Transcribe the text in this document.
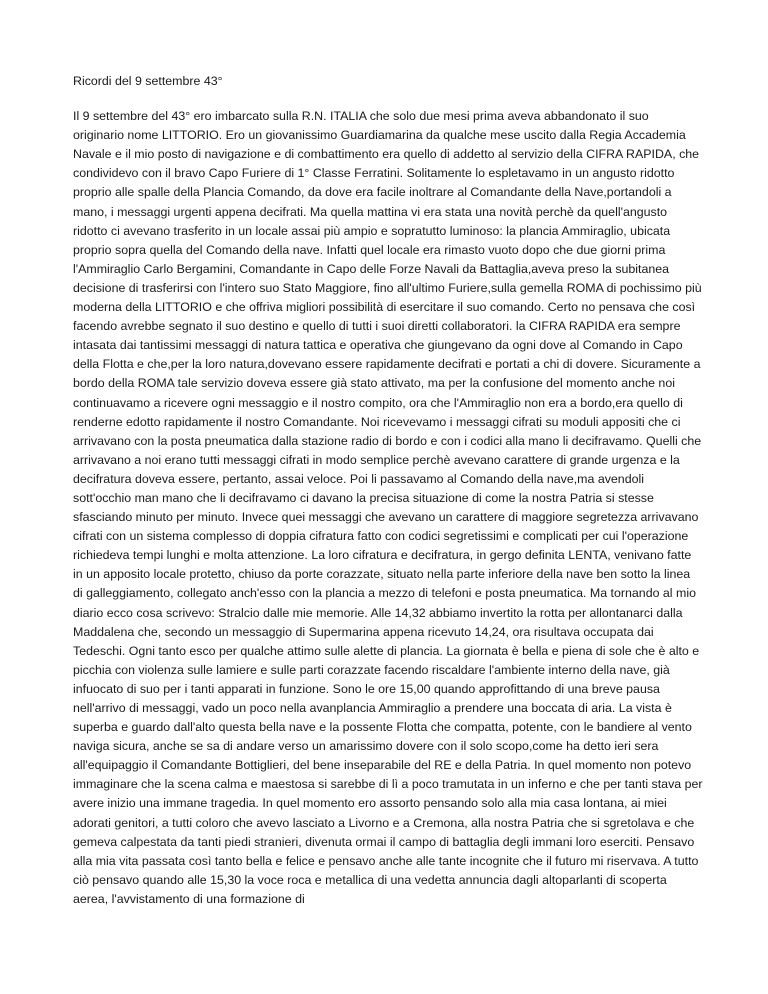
Ricordi del 9 settembre 43°

Il 9 settembre del 43° ero imbarcato sulla R.N. ITALIA che solo due mesi prima aveva abbandonato il suo originario nome LITTORIO. Ero un giovanissimo Guardiamarina da qualche mese uscito dalla Regia Accademia Navale e il mio posto di navigazione e di combattimento era quello di addetto al servizio della CIFRA RAPIDA, che condividevo con il bravo Capo Furiere di 1° Classe Ferratini. Solitamente lo espletavamo in un angusto ridotto proprio alle spalle della Plancia Comando, da dove era facile inoltrare al Comandante della Nave,portandoli a mano, i messaggi urgenti appena decifrati. Ma quella mattina vi era stata una novità perchè da quell'angusto ridotto ci avevano trasferito in un locale assai più ampio e sopratutto luminoso: la plancia Ammiraglio, ubicata proprio sopra quella del Comando della nave. Infatti quel locale era rimasto vuoto dopo che due giorni prima l'Ammiraglio Carlo Bergamini, Comandante in Capo delle Forze Navali da Battaglia,aveva preso la subitanea decisione di trasferirsi con l'intero suo Stato Maggiore, fino all'ultimo Furiere,sulla gemella ROMA di pochissimo più moderna della LITTORIO e che offriva migliori possibilità di esercitare il suo comando. Certo no pensava che così facendo avrebbe segnato il suo destino e quello di tutti i suoi diretti collaboratori. la CIFRA RAPIDA era sempre intasata dai tantissimi messaggi di natura tattica e operativa che giungevano da ogni dove al Comando in Capo della Flotta e che,per la loro natura,dovevano essere rapidamente decifrati e portati a chi di dovere. Sicuramente a bordo della ROMA tale servizio doveva essere già stato attivato, ma per la confusione del momento anche noi continuavamo a ricevere ogni messaggio e il nostro compito, ora che l'Ammiraglio non era a bordo,era quello di renderne edotto rapidamente il nostro Comandante. Noi ricevevamo i messaggi cifrati su moduli appositi che ci arrivavano con la posta pneumatica dalla stazione radio di bordo e con i codici alla mano li decifravamo. Quelli che arrivavano a noi erano tutti messaggi cifrati in modo semplice perchè avevano carattere di grande urgenza e la decifratura doveva essere, pertanto, assai veloce. Poi li passavamo al Comando della nave,ma avendoli sott'occhio man mano che li decifravamo ci davano la precisa situazione di come la nostra Patria si stesse sfasciando minuto per minuto. Invece quei messaggi che avevano un carattere di maggiore segretezza arrivavano cifrati con un sistema complesso di doppia cifratura fatto con codici segretissimi e complicati per cui l'operazione richiedeva tempi lunghi e molta attenzione. La loro cifratura e decifratura, in gergo definita LENTA, venivano fatte in un apposito locale protetto, chiuso da porte corazzate, situato nella parte inferiore della nave ben sotto la linea di galleggiamento, collegato anch'esso con la plancia a mezzo di telefoni e posta pneumatica. Ma tornando al mio diario ecco cosa scrivevo: Stralcio dalle mie memorie. Alle 14,32 abbiamo invertito la rotta per allontanarci dalla Maddalena che, secondo un messaggio di Supermarina appena ricevuto 14,24, ora risultava occupata dai Tedeschi. Ogni tanto esco per qualche attimo sulle alette di plancia. La giornata è bella e piena di sole che è alto e picchia con violenza sulle lamiere e sulle parti corazzate facendo riscaldare l'ambiente interno della nave, già infuocato di suo per i tanti apparati in funzione. Sono le ore 15,00 quando approfittando di una breve pausa nell'arrivo di messaggi, vado un poco nella avanplancia Ammiraglio a prendere una boccata di aria. La vista è superba e guardo dall'alto questa bella nave e la possente Flotta che compatta, potente, con le bandiere al vento naviga sicura, anche se sa di andare verso un amarissimo dovere con il solo scopo,come ha detto ieri sera all'equipaggio il Comandante Bottiglieri, del bene inseparabile del RE e della Patria. In quel momento non potevo immaginare che la scena calma e maestosa si sarebbe di lì a poco tramutata in un inferno e che per tanti stava per avere inizio una immane tragedia. In quel momento ero assorto pensando solo alla mia casa lontana, ai miei adorati genitori, a tutti coloro che avevo lasciato a Livorno e a Cremona, alla nostra Patria che si sgretolava e che gemeva calpestata da tanti piedi stranieri, divenuta ormai il campo di battaglia degli immani loro eserciti. Pensavo alla mia vita passata così tanto bella e felice e pensavo anche alle tante incognite che il futuro mi riservava. A tutto ciò pensavo quando alle 15,30 la voce roca e metallica di una vedetta annuncia dagli altoparlanti di scoperta aerea, l'avvistamento di una formazione di
